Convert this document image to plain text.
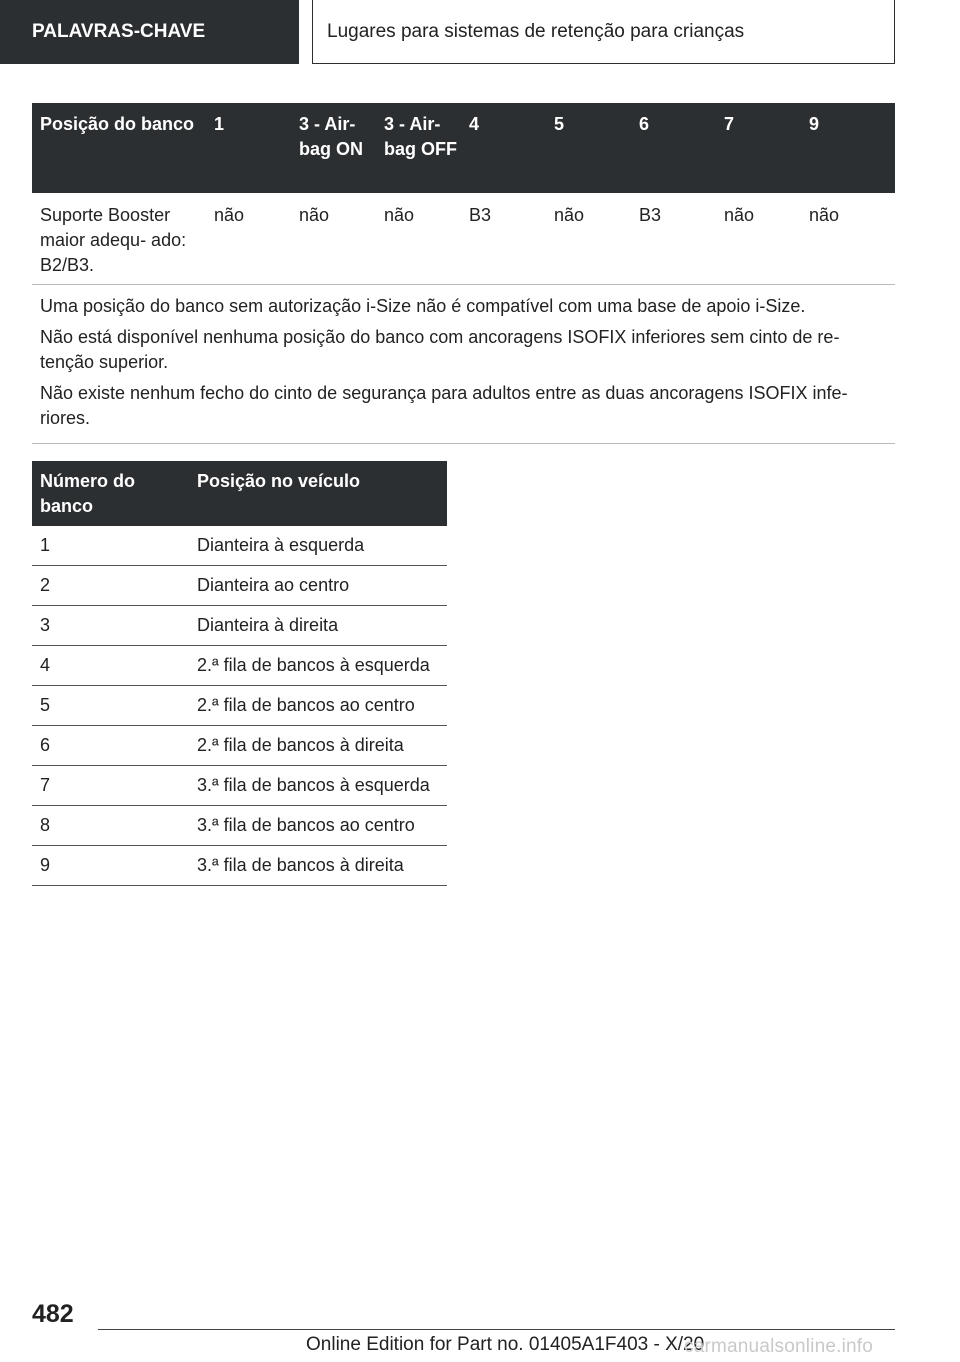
PALAVRAS-CHAVE	Lugares para sistemas de retenção para crianças
Posição do banco	1	3 - Air- bag ON	3 - Air- bag OFF	4	5	6	7	9
Suporte Booster maior adequ- ado: B2/B3.	não	não	não	B3	não	B3	não	não

Uma posição do banco sem autorização i-Size não é compatível com uma base de apoio i-Size.

Não está disponível nenhuma posição do banco com ancoragens ISOFIX inferiores sem cinto de re- tenção superior.

Não existe nenhum fecho do cinto de segurança para adultos entre as duas ancoragens ISOFIX infe- riores.								

Número do banco	Posição no veículo
1	Dianteira à esquerda
2	Dianteira ao centro
3	Dianteira à direita
4	2.ª fila de bancos à esquerda
5	2.ª fila de bancos ao centro
6	2.ª fila de bancos à direita
7	3.ª fila de bancos à esquerda
8	3.ª fila de bancos ao centro
9	3.ª fila de bancos à direita
482
Online Edition for Part no. 01405A1F403 - X/20
carmanualsonline.info
